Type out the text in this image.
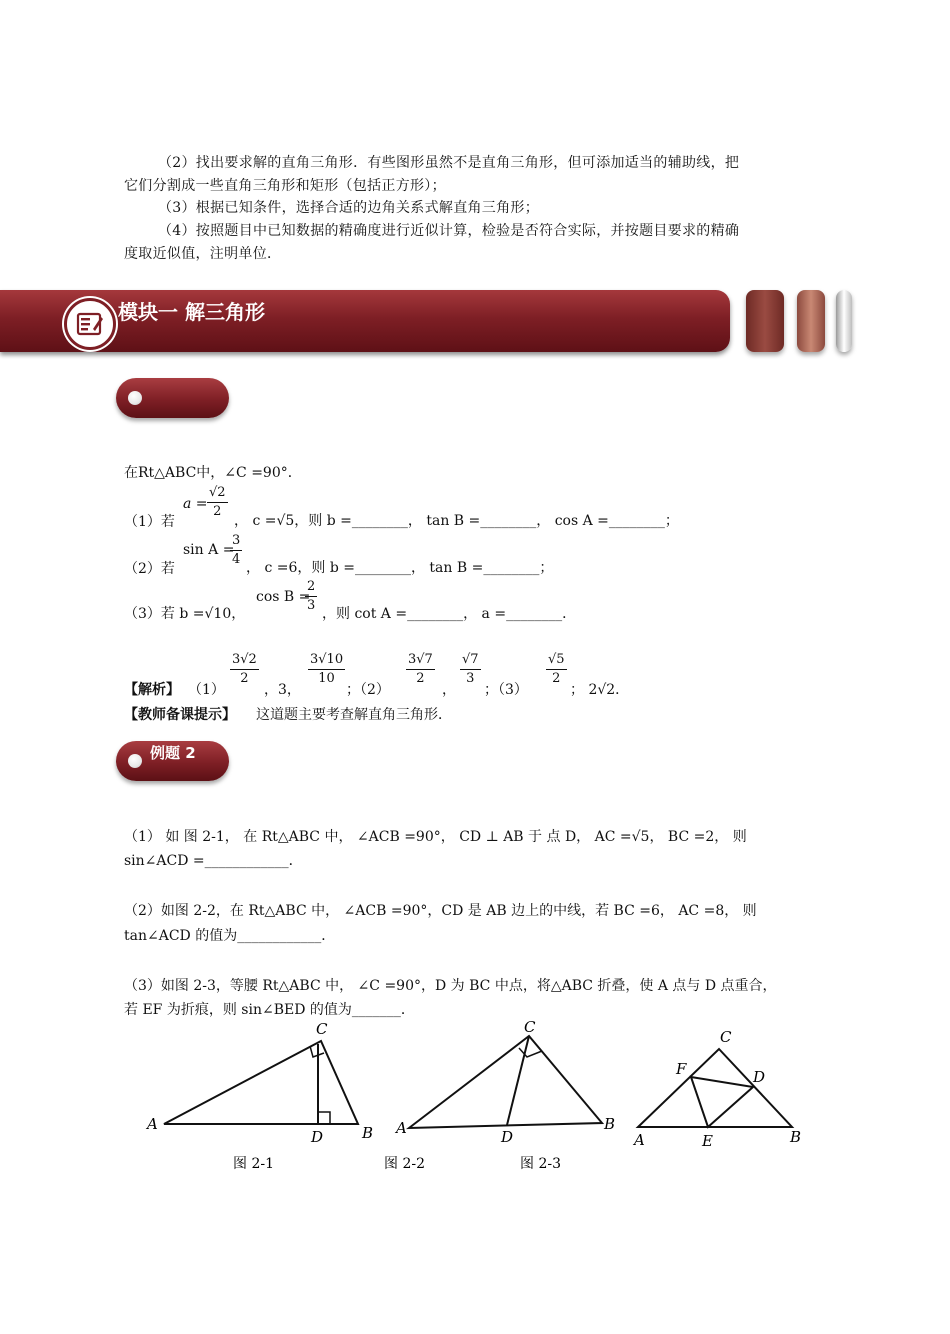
（2）找出要求解的直角三角形．有些图形虽然不是直角三角形，但可添加适当的辅助线，把
它们分割成一些直角三角形和矩形（包括正方形）；
（3）根据已知条件，选择合适的边角关系式解直角三角形；
（4）按照题目中已知数据的精确度进行近似计算，检验是否符合实际，并按题目要求的精确
度取近似值，注明单位．
模块一 解三角形
在Rt△ABC中，∠C =90°．
（1）若
$a = \frac{√2}{2}$ ， c =√5，则 b =________， tan B =________， cos A =________；
（2）若
sin A =
$\frac{3}{4}$ ， c =6，则 b =________， tan B =________；
（3）若 b =√10，
cos B =
$\frac{2}{3}$ ，则 cot A =________， a =________．
【解析】 （1）
$\frac{3√2}{2}$
，3，
$\frac{3√10}{10}$
；（2）
$\frac{3√7}{2}$
，
$\frac{√7}{3}$
；（3）
$\frac{√5}{2}$
； 2√2．
【教师备课提示】 这道题主要考查解直角三角形．
例题 2
（1） 如 图 2-1， 在 Rt△ABC 中， ∠ACB =90°， CD ⊥ AB 于 点 D， AC =√5， BC =2， 则
sin∠ACD =____________．
（2）如图 2-2，在 Rt△ABC 中， ∠ACB =90°，CD 是 AB 边上的中线，若 BC =6， AC =8， 则
tan∠ACD 的值为____________．
（3）如图 2-3，等腰 Rt△ABC 中， ∠C =90°，D 为 BC 中点，将△ABC 折叠，使 A 点与 D 点重合，
若 EF 为折痕，则 sin∠BED 的值为_______．
A	B
C
D	A	B
C
D	A	B
C
D
E
F
图 2-1	图 2-2	图 2-3
